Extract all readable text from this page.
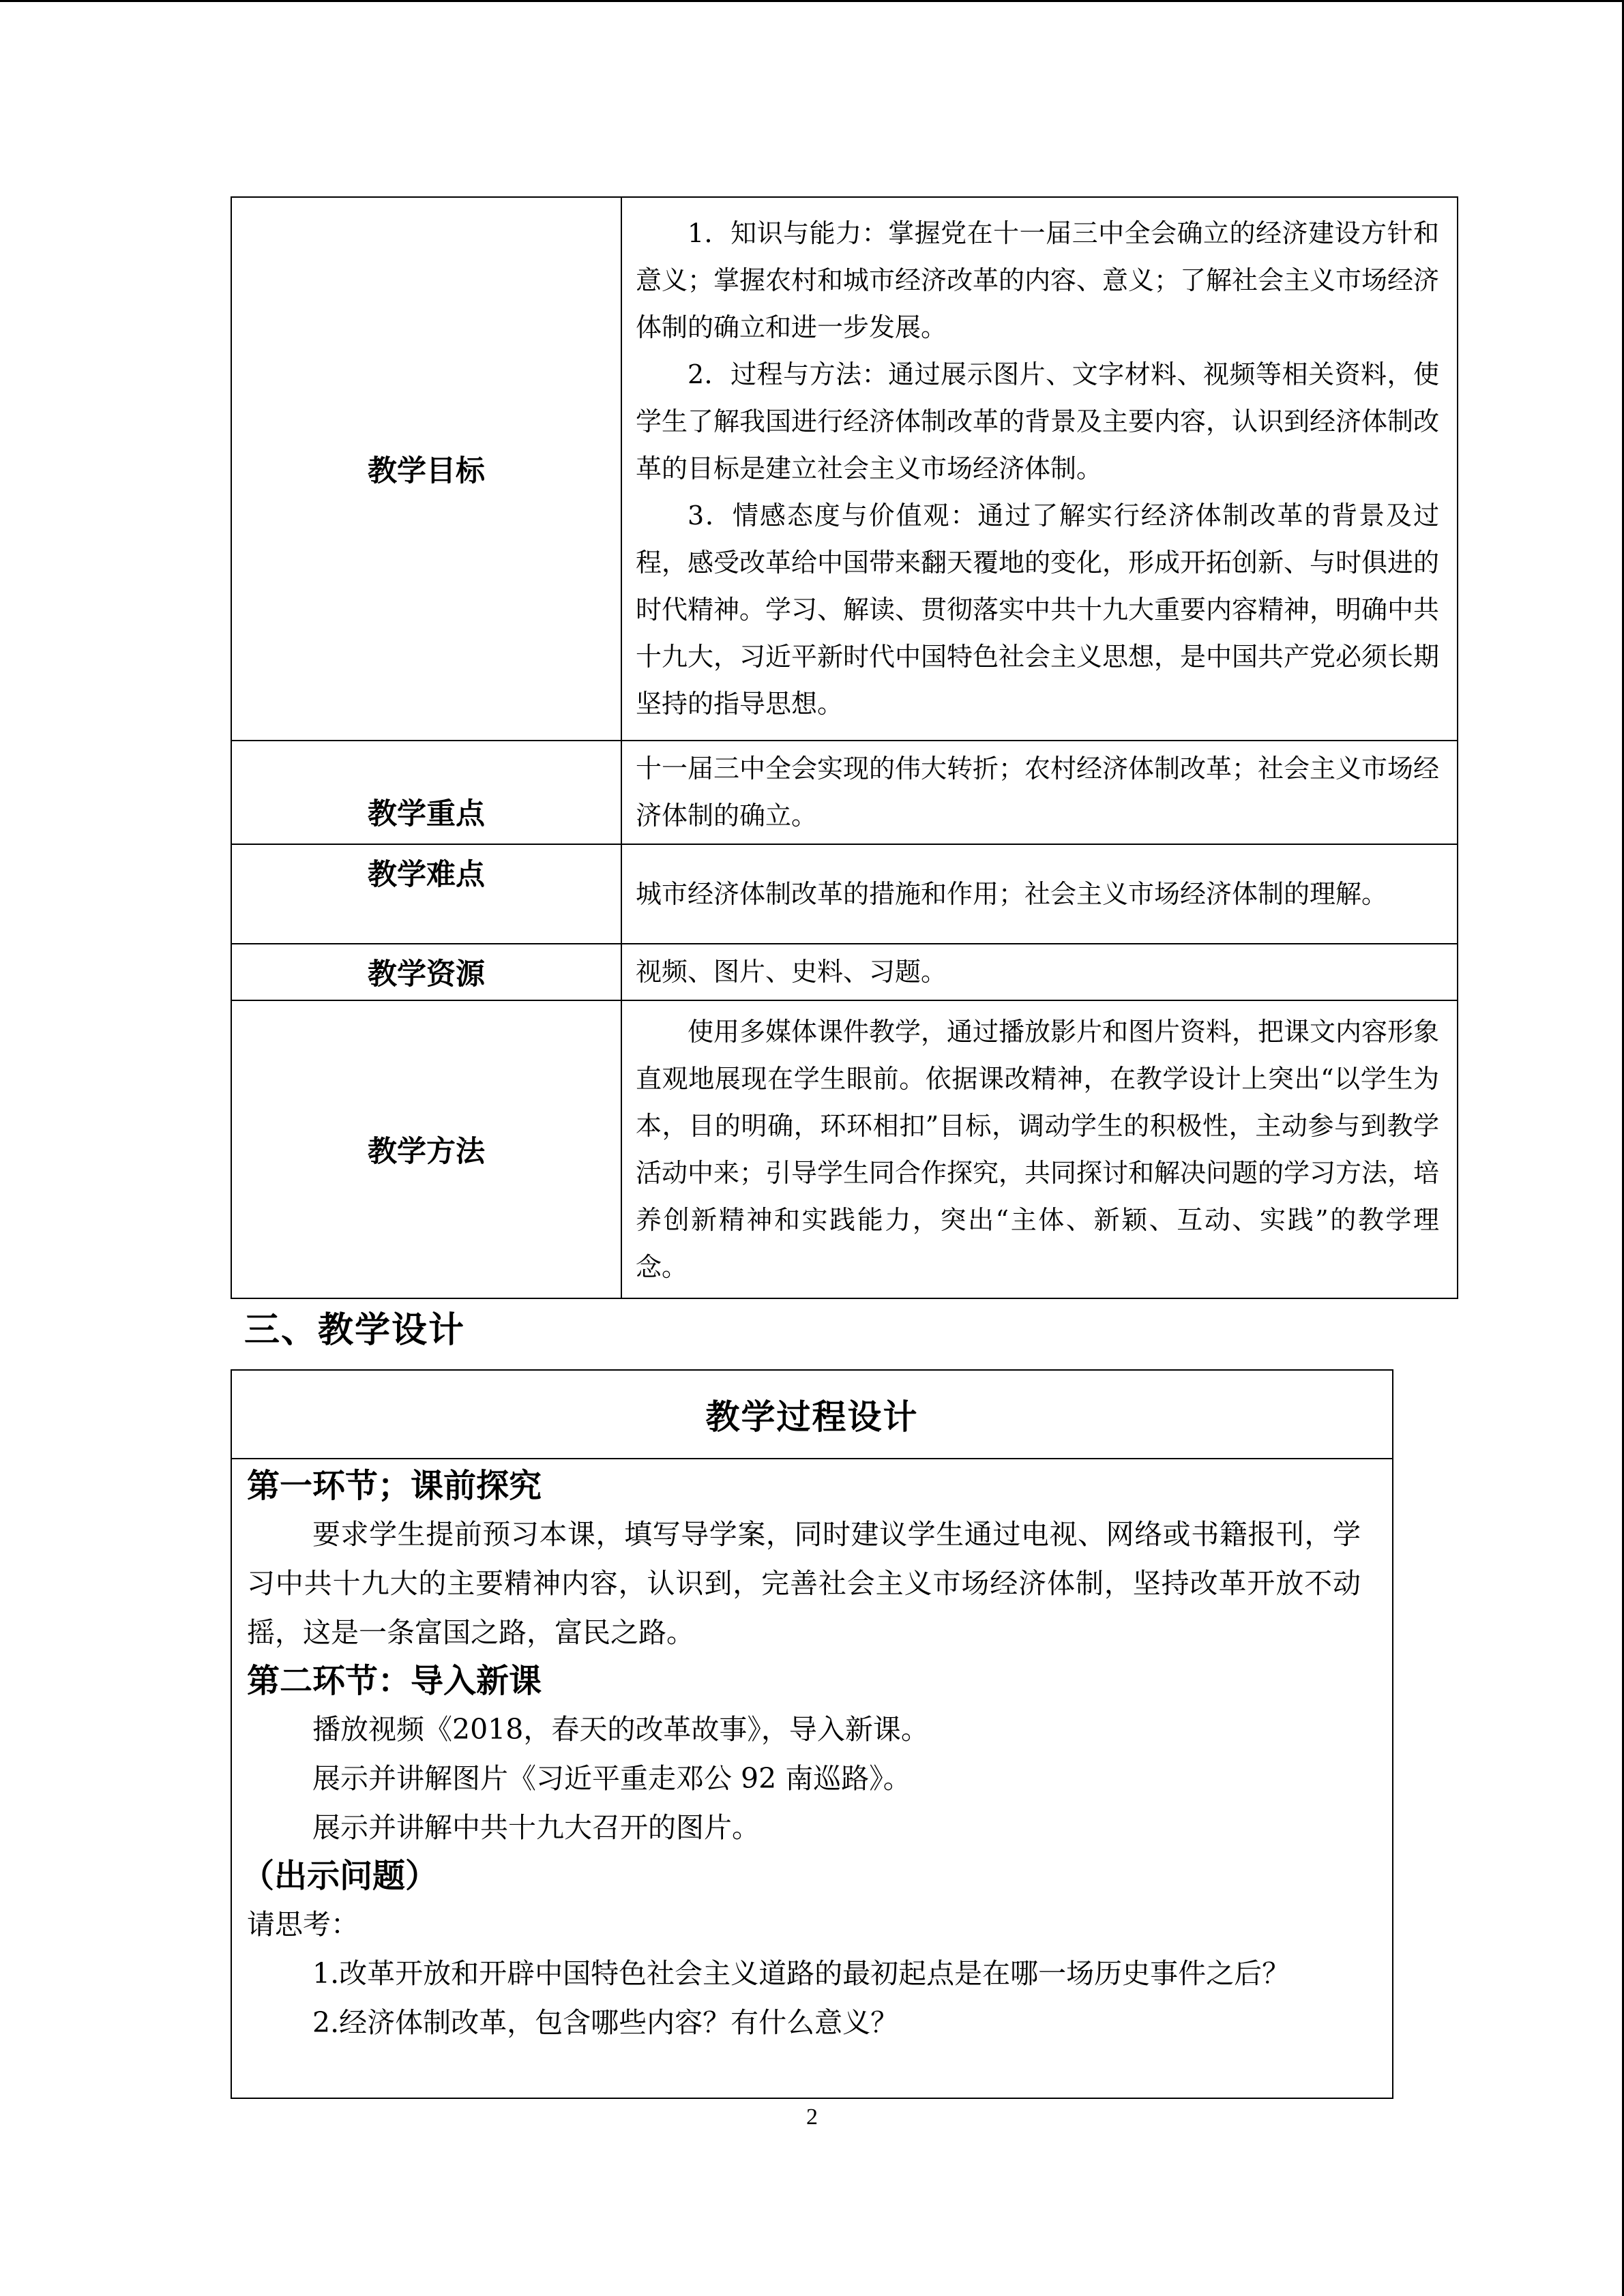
教学目标	1．知识与能力：掌握党在十一届三中全会确立的经济建设方针和意义；掌握农村和城市经济改革的内容、意义；了解社会主义市场经济体制的确立和进一步发展。

2．过程与方法：通过展示图片、文字材料、视频等相关资料，使学生了解我国进行经济体制改革的背景及主要内容，认识到经济体制改革的目标是建立社会主义市场经济体制。

3．情感态度与价值观：通过了解实行经济体制改革的背景及过程，感受改革给中国带来翻天覆地的变化，形成开拓创新、与时俱进的时代精神。学习、解读、贯彻落实中共十九大重要内容精神，明确中共十九大，习近平新时代中国特色社会主义思想，是中国共产党必须长期坚持的指导思想。

教学重点	十一届三中全会实现的伟大转折；农村经济体制改革；社会主义市场经济体制的确立。
教学难点	城市经济体制改革的措施和作用；社会主义市场经济体制的理解。
教学资源	视频、图片、史料、习题。
教学方法	使用多媒体课件教学，通过播放影片和图片资料，把课文内容形象直观地展现在学生眼前。依据课改精神，在教学设计上突出“以学生为本，目的明确，环环相扣”目标，调动学生的积极性，主动参与到教学活动中来；引导学生同合作探究，共同探讨和解决问题的学习方法，培养创新精神和实践能力，突出“主体、新颖、互动、实践”的教学理念。

三、教学设计
教学过程设计
第一环节；课前探究

要求学生提前预习本课，填写导学案，同时建议学生通过电视、网络或书籍报刊，学习中共十九大的主要精神内容，认识到，完善社会主义市场经济体制，坚持改革开放不动摇，这是一条富国之路，富民之路。

第二环节：导入新课

播放视频《2018，春天的改革故事》，导入新课。

展示并讲解图片《习近平重走邓公 92 南巡路》。

展示并讲解中共十九大召开的图片。

（出示问题）

请思考：

1.改革开放和开辟中国特色社会主义道路的最初起点是在哪一场历史事件之后？

2.经济体制改革，包含哪些内容？有什么意义？

2
